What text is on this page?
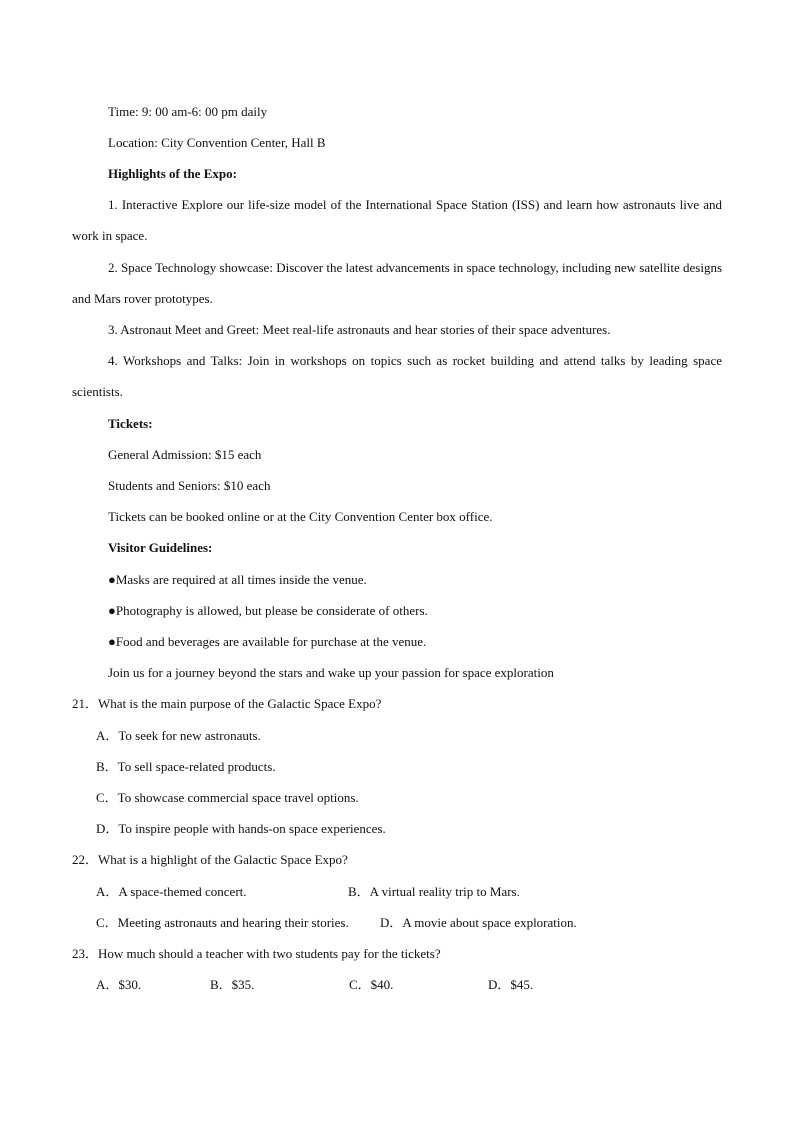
Time: 9: 00 am-6: 00 pm daily
Location: City Convention Center, Hall B
Highlights of the Expo:
1. Interactive Explore our life-size model of the International Space Station (ISS) and learn how astronauts live and work in space.
2. Space Technology showcase: Discover the latest advancements in space technology, including new satellite designs and Mars rover prototypes.
3. Astronaut Meet and Greet: Meet real-life astronauts and hear stories of their space adventures.
4. Workshops and Talks: Join in workshops on topics such as rocket building and attend talks by leading space scientists.
Tickets:
General Admission: $15 each
Students and Seniors: $10 each
Tickets can be booked online or at the City Convention Center box office.
Visitor Guidelines:
●Masks are required at all times inside the venue.
●Photography is allowed, but please be considerate of others.
●Food and beverages are available for purchase at the venue.
Join us for a journey beyond the stars and wake up your passion for space exploration
21．What is the main purpose of the Galactic Space Expo?
A．To seek for new astronauts.
B．To sell space-related products.
C．To showcase commercial space travel options.
D．To inspire people with hands-on space experiences.
22．What is a highlight of the Galactic Space Expo?
A．A space-themed concert.	B．A virtual reality trip to Mars.
C．Meeting astronauts and hearing their stories. D．A movie about space exploration.
23．How much should a teacher with two students pay for the tickets?
A．$30.	B．$35.	C．$40.	D．$45.
